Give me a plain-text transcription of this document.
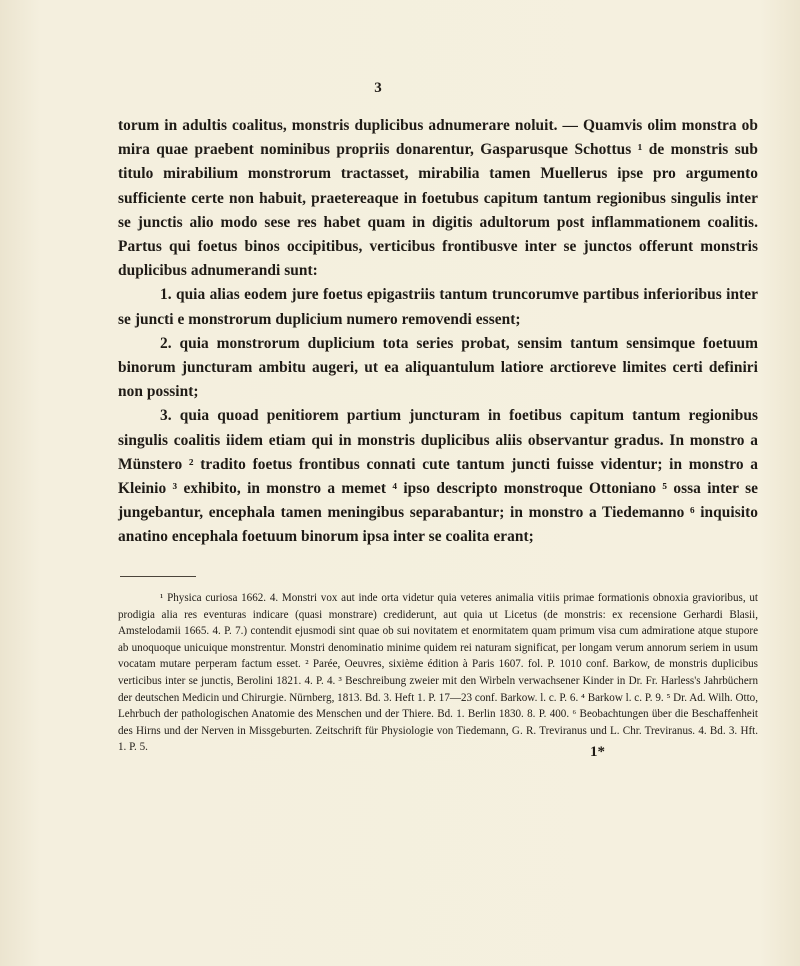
3

torum in adultis coalitus, monstris duplicibus adnumerare noluit. — Quamvis olim monstra ob mira quae praebent nominibus propriis donarentur, Gasparusque Schottus ¹ de monstris sub titulo mirabilium monstrorum tractasset, mirabilia tamen Muellerus ipse pro argumento sufficiente certe non habuit, praetereaque in foetubus capitum tantum regionibus singulis inter se junctis alio modo sese res habet quam in digitis adultorum post inflammationem coalitis. Partus qui foetus binos occipitibus, verticibus frontibusve inter se junctos offerunt monstris duplicibus adnumerandi sunt:

1. quia alias eodem jure foetus epigastriis tantum truncorumve partibus inferioribus inter se juncti e monstrorum duplicium numero removendi essent;

2. quia monstrorum duplicium tota series probat, sensim tantum sensimque foetuum binorum juncturam ambitu augeri, ut ea aliquantulum latiore arctioreve limites certi definiri non possint;

3. quia quoad penitiorem partium juncturam in foetibus capitum tantum regionibus singulis coalitis iidem etiam qui in monstris duplicibus aliis observantur gradus. In monstro a Münstero ² tradito foetus frontibus connati cute tantum juncti fuisse videntur; in monstro a Kleinio ³ exhibito, in monstro a memet ⁴ ipso descripto monstroque Ottoniano ⁵ ossa inter se jungebantur, encephala tamen meningibus separabantur; in monstro a Tiedemanno ⁶ inquisito anatino encephala foetuum binorum ipsa inter se coalita erant;

¹ Physica curiosa 1662. 4. Monstri vox aut inde orta videtur quia veteres animalia vitiis primae formationis obnoxia gravioribus, ut prodigia alia res eventuras indicare (quasi monstrare) crediderunt, aut quia ut Licetus (de monstris: ex recensione Gerhardi Blasii, Amstelodamii 1665. 4. P. 7.) contendit ejusmodi sint quae ob sui novitatem et enormitatem quam primum visa cum admiratione atque stupore ab unoquoque unicuique monstrentur. Monstri denominatio minime quidem rei naturam significat, per longam verum annorum seriem in usum vocatam mutare perperam factum esset. ² Parée, Oeuvres, sixième édition à Paris 1607. fol. P. 1010 conf. Barkow, de monstris duplicibus verticibus inter se junctis, Berolini 1821. 4. P. 4. ³ Beschreibung zweier mit den Wirbeln verwachsener Kinder in Dr. Fr. Harless's Jahrbüchern der deutschen Medicin und Chirurgie. Nürnberg, 1813. Bd. 3. Heft 1. P. 17—23 conf. Barkow. l. c. P. 6. ⁴ Barkow l. c. P. 9. ⁵ Dr. Ad. Wilh. Otto, Lehrbuch der pathologischen Anatomie des Menschen und der Thiere. Bd. 1. Berlin 1830. 8. P. 400. ⁶ Beobachtungen über die Beschaffenheit des Hirns und der Nerven in Missgeburten. Zeitschrift für Physiologie von Tiedemann, G. R. Treviranus und L. Chr. Treviranus. 4. Bd. 3. Hft. 1. P. 5.	1*
